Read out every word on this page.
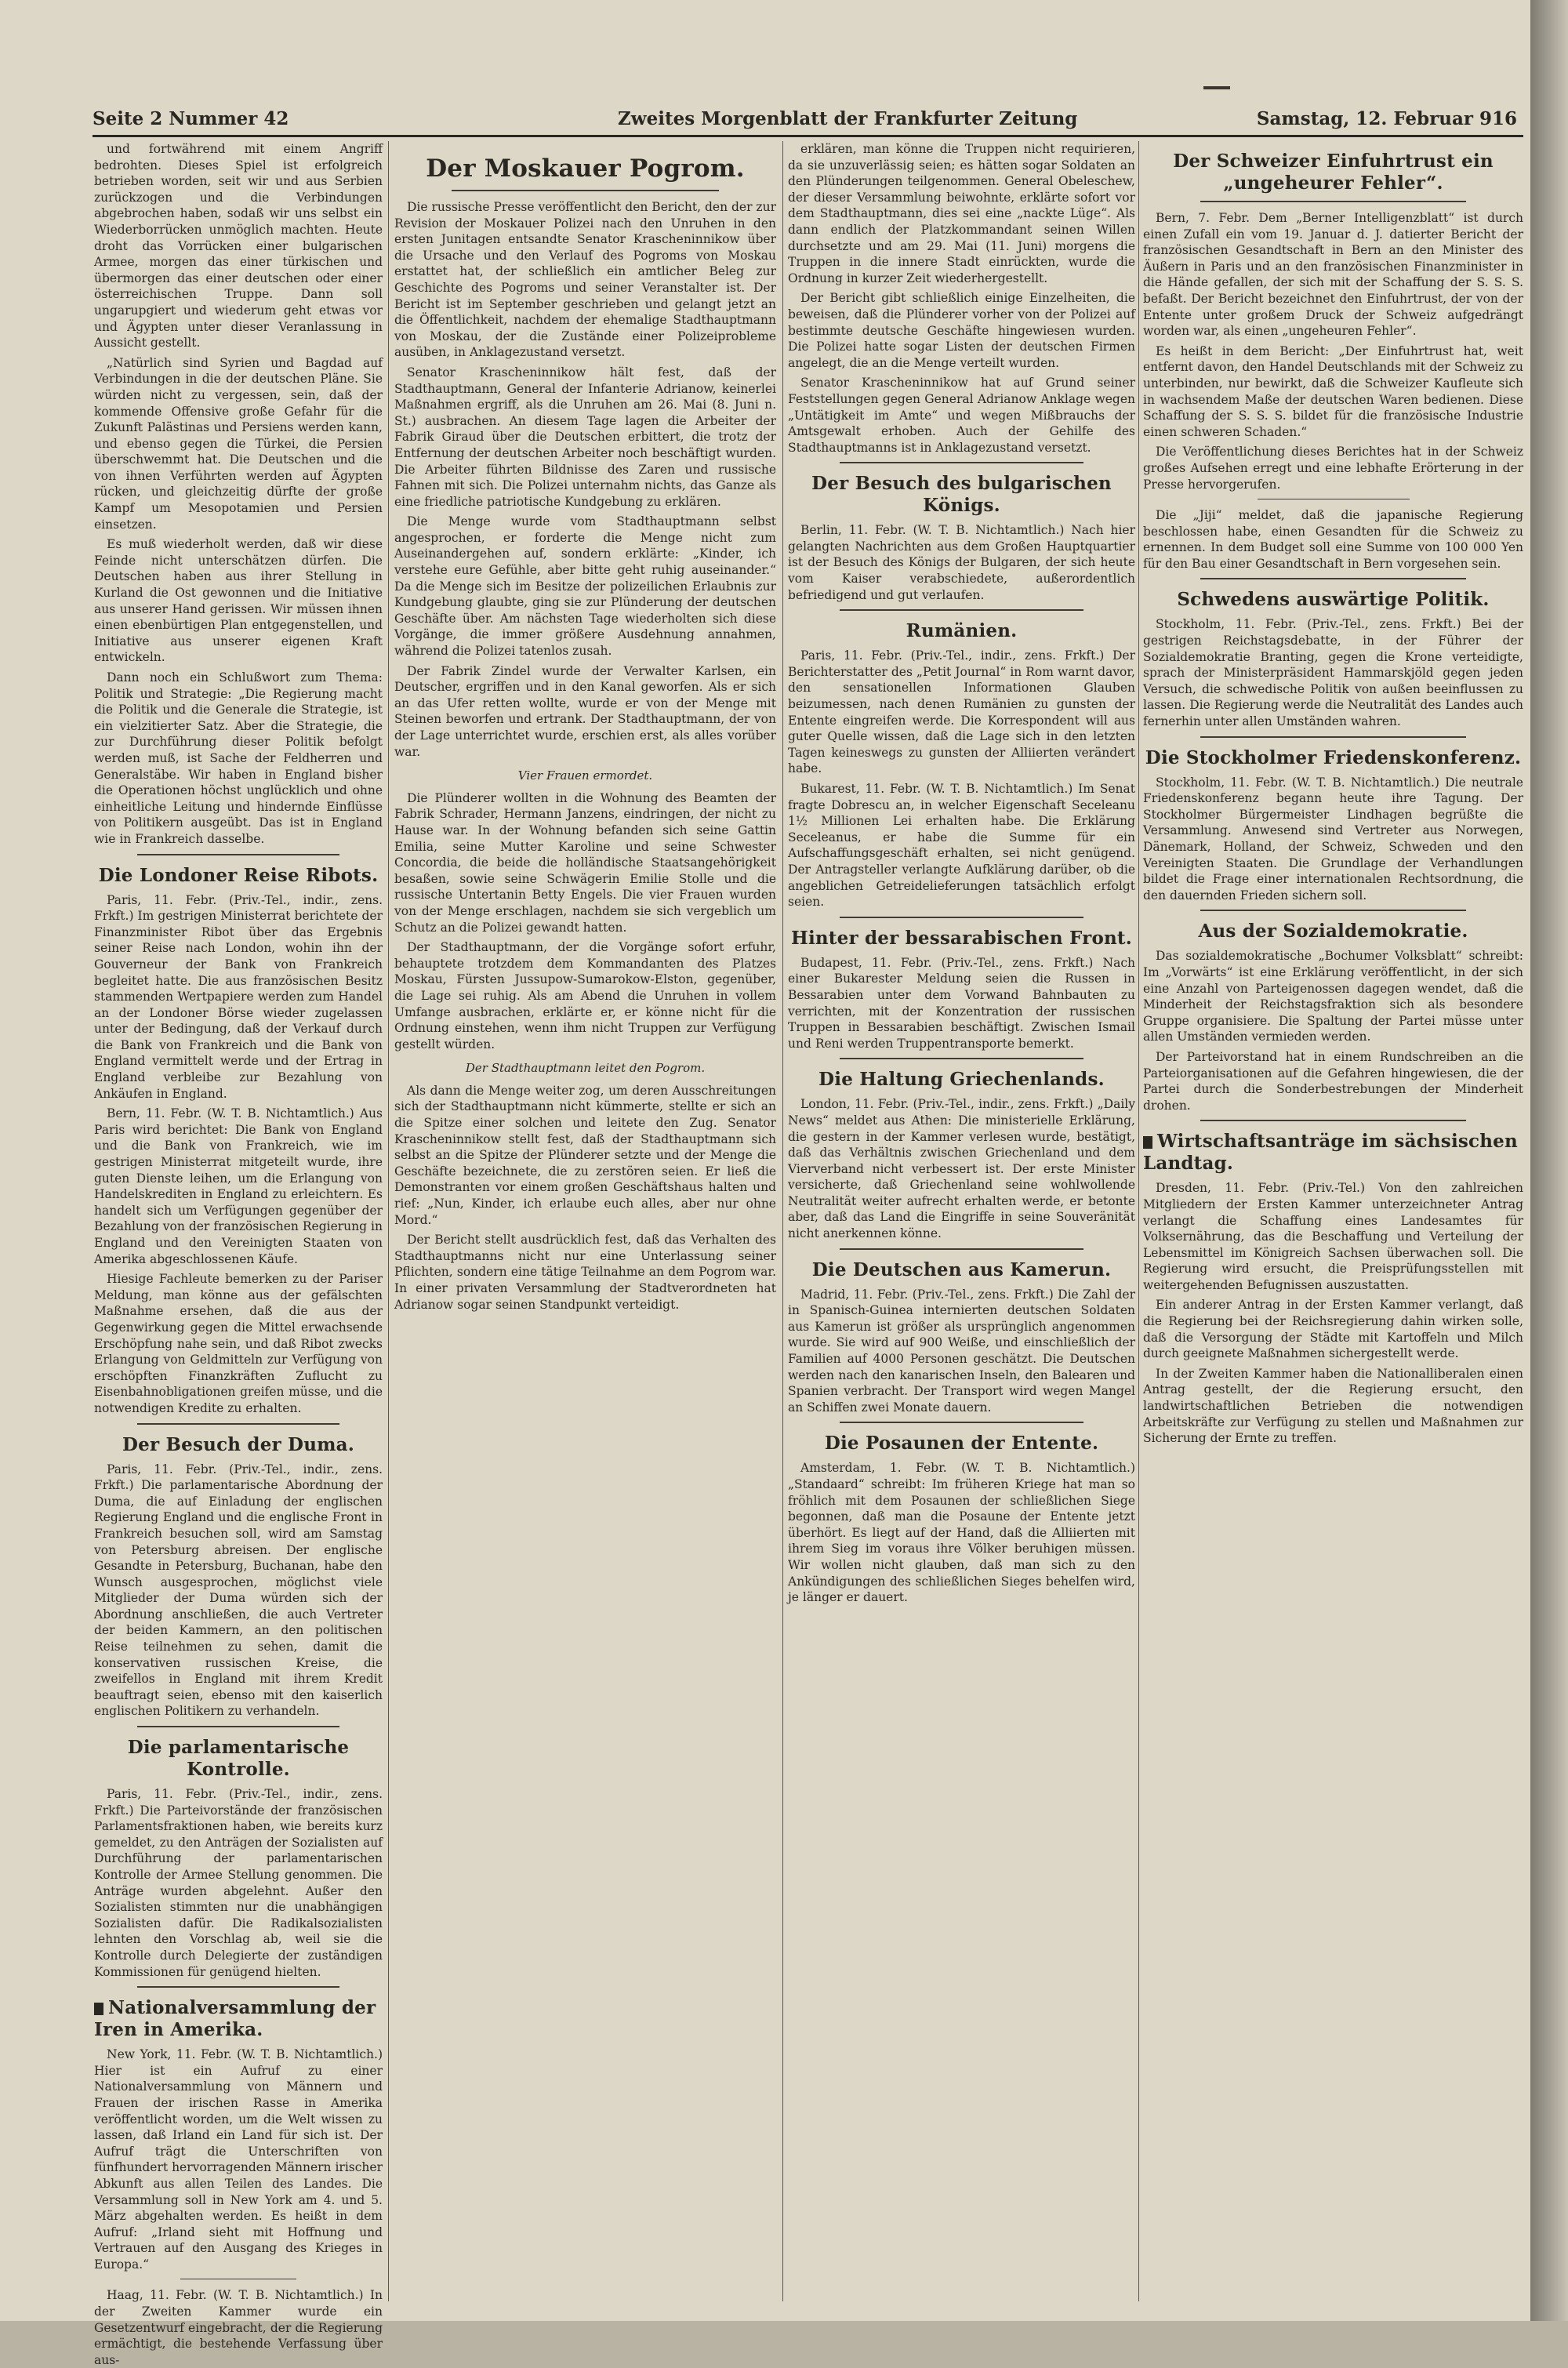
Seite 2 Nummer 42	Zweites Morgenblatt der Frankfurter Zeitung	Samstag, 12. Februar 916

und fortwährend mit einem Angriff bedrohten. Dieses Spiel ist erfolgreich betrieben worden, seit wir und aus Serbien zurückzogen und die Verbindungen abgebrochen haben, sodaß wir uns selbst ein Wiederborrücken unmöglich machten. Heute droht das Vorrücken einer bulgarischen Armee, morgen das einer türkischen und übermorgen das einer deutschen oder einer österreichischen Truppe. Dann soll ungarupgiert und wiederum geht etwas vor und Ägypten unter dieser Veranlassung in Aussicht gestellt.

„Natürlich sind Syrien und Bagdad auf Verbindungen in die der deutschen Pläne. Sie würden nicht zu vergessen, sein, daß der kommende Offensive große Gefahr für die Zukunft Palästinas und Persiens werden kann, und ebenso gegen die Türkei, die Persien überschwemmt hat. Die Deutschen und die von ihnen Verführten werden auf Ägypten rücken, und gleichzeitig dürfte der große Kampf um Mesopotamien und Persien einsetzen.

Es muß wiederholt werden, daß wir diese Feinde nicht unterschätzen dürfen. Die Deutschen haben aus ihrer Stellung in Kurland die Ost gewonnen und die Initiative aus unserer Hand gerissen. Wir müssen ihnen einen ebenbürtigen Plan entgegenstellen, und Initiative aus unserer eigenen Kraft entwickeln.

Dann noch ein Schlußwort zum Thema: Politik und Strategie: „Die Regierung macht die Politik und die Generale die Strategie, ist ein vielzitierter Satz. Aber die Strategie, die zur Durchführung dieser Politik befolgt werden muß, ist Sache der Feldherren und Generalstäbe. Wir haben in England bisher die Operationen höchst unglücklich und ohne einheitliche Leitung und hindernde Einflüsse von Politikern ausgeübt. Das ist in England wie in Frankreich dasselbe.

Die Londoner Reise Ribots.

Paris, 11. Febr. (Priv.-Tel., indir., zens. Frkft.) Im gestrigen Ministerrat berichtete der Finanzminister Ribot über das Ergebnis seiner Reise nach London, wohin ihn der Gouverneur der Bank von Frankreich begleitet hatte. Die aus französischen Besitz stammenden Wertpapiere werden zum Handel an der Londoner Börse wieder zugelassen unter der Bedingung, daß der Verkauf durch die Bank von Frankreich und die Bank von England vermittelt werde und der Ertrag in England verbleibe zur Bezahlung von Ankäufen in England.

Bern, 11. Febr. (W. T. B. Nichtamtlich.) Aus Paris wird berichtet: Die Bank von England und die Bank von Frankreich, wie im gestrigen Ministerrat mitgeteilt wurde, ihre guten Dienste leihen, um die Erlangung von Handelskrediten in England zu erleichtern. Es handelt sich um Verfügungen gegenüber der Bezahlung von der französischen Regierung in England und den Vereinigten Staaten von Amerika abgeschlossenen Käufe.

Hiesige Fachleute bemerken zu der Pariser Meldung, man könne aus der gefälschten Maßnahme ersehen, daß die aus der Gegenwirkung gegen die Mittel erwachsende Erschöpfung nahe sein, und daß Ribot zwecks Erlangung von Geldmitteln zur Verfügung von erschöpften Finanzkräften Zuflucht zu Eisenbahnobligationen greifen müsse, und die notwendigen Kredite zu erhalten.

Der Besuch der Duma.

Paris, 11. Febr. (Priv.-Tel., indir., zens. Frkft.) Die parlamentarische Abordnung der Duma, die auf Einladung der englischen Regierung England und die englische Front in Frankreich besuchen soll, wird am Samstag von Petersburg abreisen. Der englische Gesandte in Petersburg, Buchanan, habe den Wunsch ausgesprochen, möglichst viele Mitglieder der Duma würden sich der Abordnung anschließen, die auch Vertreter der beiden Kammern, an den politischen Reise teilnehmen zu sehen, damit die konservativen russischen Kreise, die zweifellos in England mit ihrem Kredit beauftragt seien, ebenso mit den kaiserlich englischen Politikern zu verhandeln.

Die parlamentarische Kontrolle.

Paris, 11. Febr. (Priv.-Tel., indir., zens. Frkft.) Die Parteivorstände der französischen Parlamentsfraktionen haben, wie bereits kurz gemeldet, zu den Anträgen der Sozialisten auf Durchführung der parlamentarischen Kontrolle der Armee Stellung genommen. Die Anträge wurden abgelehnt. Außer den Sozialisten stimmten nur die unabhängigen Sozialisten dafür. Die Radikalsozialisten lehnten den Vorschlag ab, weil sie die Kontrolle durch Delegierte der zuständigen Kommissionen für genügend hielten.

Nationalversammlung der Iren in Amerika.

New York, 11. Febr. (W. T. B. Nichtamtlich.) Hier ist ein Aufruf zu einer Nationalversammlung von Männern und Frauen der irischen Rasse in Amerika veröffentlicht worden, um die Welt wissen zu lassen, daß Irland ein Land für sich ist. Der Aufruf trägt die Unterschriften von fünfhundert hervorragenden Männern irischer Abkunft aus allen Teilen des Landes. Die Versammlung soll in New York am 4. und 5. März abgehalten werden. Es heißt in dem Aufruf: „Irland sieht mit Hoffnung und Vertrauen auf den Ausgang des Krieges in Europa.“

Haag, 11. Febr. (W. T. B. Nichtamtlich.) In der Zweiten Kammer wurde ein Gesetzentwurf eingebracht, der die Regierung ermächtigt, die bestehende Verfassung über aus-

Der Moskauer Pogrom.

Die russische Presse veröffentlicht den Bericht, den der zur Revision der Moskauer Polizei nach den Unruhen in den ersten Junitagen entsandte Senator Krascheninnikow über die Ursache und den Verlauf des Pogroms von Moskau erstattet hat, der schließlich ein amtlicher Beleg zur Geschichte des Pogroms und seiner Veranstalter ist. Der Bericht ist im September geschrieben und gelangt jetzt an die Öffentlichkeit, nachdem der ehemalige Stadthauptmann von Moskau, der die Zustände einer Polizeiprobleme ausüben, in Anklagezustand versetzt.

Senator Krascheninnikow hält fest, daß der Stadthauptmann, General der Infanterie Adrianow, keinerlei Maßnahmen ergriff, als die Unruhen am 26. Mai (8. Juni n. St.) ausbrachen. An diesem Tage lagen die Arbeiter der Fabrik Giraud über die Deutschen erbittert, die trotz der Entfernung der deutschen Arbeiter noch beschäftigt wurden. Die Arbeiter führten Bildnisse des Zaren und russische Fahnen mit sich. Die Polizei unternahm nichts, das Ganze als eine friedliche patriotische Kundgebung zu erklären.

Die Menge wurde vom Stadthauptmann selbst angesprochen, er forderte die Menge nicht zum Auseinandergehen auf, sondern erklärte: „Kinder, ich verstehe eure Gefühle, aber bitte geht ruhig auseinander.“ Da die Menge sich im Besitze der polizeilichen Erlaubnis zur Kundgebung glaubte, ging sie zur Plünderung der deutschen Geschäfte über. Am nächsten Tage wiederholten sich diese Vorgänge, die immer größere Ausdehnung annahmen, während die Polizei tatenlos zusah.

Der Fabrik Zindel wurde der Verwalter Karlsen, ein Deutscher, ergriffen und in den Kanal geworfen. Als er sich an das Ufer retten wollte, wurde er von der Menge mit Steinen beworfen und ertrank. Der Stadthauptmann, der von der Lage unterrichtet wurde, erschien erst, als alles vorüber war.

Vier Frauen ermordet.

Die Plünderer wollten in die Wohnung des Beamten der Fabrik Schrader, Hermann Janzens, eindringen, der nicht zu Hause war. In der Wohnung befanden sich seine Gattin Emilia, seine Mutter Karoline und seine Schwester Concordia, die beide die holländische Staatsangehörigkeit besaßen, sowie seine Schwägerin Emilie Stolle und die russische Untertanin Betty Engels. Die vier Frauen wurden von der Menge erschlagen, nachdem sie sich vergeblich um Schutz an die Polizei gewandt hatten.

Der Stadthauptmann, der die Vorgänge sofort erfuhr, behauptete trotzdem dem Kommandanten des Platzes Moskau, Fürsten Jussupow-Sumarokow-Elston, gegenüber, die Lage sei ruhig. Als am Abend die Unruhen in vollem Umfange ausbrachen, erklärte er, er könne nicht für die Ordnung einstehen, wenn ihm nicht Truppen zur Verfügung gestellt würden.

Der Stadthauptmann leitet den Pogrom.

Als dann die Menge weiter zog, um deren Ausschreitungen sich der Stadthauptmann nicht kümmerte, stellte er sich an die Spitze einer solchen und leitete den Zug. Senator Krascheninnikow stellt fest, daß der Stadthauptmann sich selbst an die Spitze der Plünderer setzte und der Menge die Geschäfte bezeichnete, die zu zerstören seien. Er ließ die Demonstranten vor einem großen Geschäftshaus halten und rief: „Nun, Kinder, ich erlaube euch alles, aber nur ohne Mord.“

Der Bericht stellt ausdrücklich fest, daß das Verhalten des Stadthauptmanns nicht nur eine Unterlassung seiner Pflichten, sondern eine tätige Teilnahme an dem Pogrom war. In einer privaten Versammlung der Stadtverordneten hat Adrianow sogar seinen Standpunkt verteidigt.

erklären, man könne die Truppen nicht requirieren, da sie unzuverlässig seien; es hätten sogar Soldaten an den Plünderungen teilgenommen. General Obeleschew, der dieser Versammlung beiwohnte, erklärte sofort vor dem Stadthauptmann, dies sei eine „nackte Lüge“. Als dann endlich der Platzkommandant seinen Willen durchsetzte und am 29. Mai (11. Juni) morgens die Truppen in die innere Stadt einrückten, wurde die Ordnung in kurzer Zeit wiederhergestellt.

Der Bericht gibt schließlich einige Einzelheiten, die beweisen, daß die Plünderer vorher von der Polizei auf bestimmte deutsche Geschäfte hingewiesen wurden. Die Polizei hatte sogar Listen der deutschen Firmen angelegt, die an die Menge verteilt wurden.

Senator Krascheninnikow hat auf Grund seiner Feststellungen gegen General Adrianow Anklage wegen „Untätigkeit im Amte“ und wegen Mißbrauchs der Amtsgewalt erhoben. Auch der Gehilfe des Stadthauptmanns ist in Anklagezustand versetzt.

Der Besuch des bulgarischen Königs.

Berlin, 11. Febr. (W. T. B. Nichtamtlich.) Nach hier gelangten Nachrichten aus dem Großen Hauptquartier ist der Besuch des Königs der Bulgaren, der sich heute vom Kaiser verabschiedete, außerordentlich befriedigend und gut verlaufen.

Rumänien.

Paris, 11. Febr. (Priv.-Tel., indir., zens. Frkft.) Der Berichterstatter des „Petit Journal“ in Rom warnt davor, den sensationellen Informationen Glauben beizumessen, nach denen Rumänien zu gunsten der Entente eingreifen werde. Die Korrespondent will aus guter Quelle wissen, daß die Lage sich in den letzten Tagen keineswegs zu gunsten der Alliierten verändert habe.

Bukarest, 11. Febr. (W. T. B. Nichtamtlich.) Im Senat fragte Dobrescu an, in welcher Eigenschaft Seceleanu 1½ Millionen Lei erhalten habe. Die Erklärung Seceleanus, er habe die Summe für ein Aufschaffungsgeschäft erhalten, sei nicht genügend. Der Antragsteller verlangte Aufklärung darüber, ob die angeblichen Getreidelieferungen tatsächlich erfolgt seien.

Hinter der bessarabischen Front.

Budapest, 11. Febr. (Priv.-Tel., zens. Frkft.) Nach einer Bukarester Meldung seien die Russen in Bessarabien unter dem Vorwand Bahnbauten zu verrichten, mit der Konzentration der russischen Truppen in Bessarabien beschäftigt. Zwischen Ismail und Reni werden Truppentransporte bemerkt.

Die Haltung Griechenlands.

London, 11. Febr. (Priv.-Tel., indir., zens. Frkft.) „Daily News“ meldet aus Athen: Die ministerielle Erklärung, die gestern in der Kammer verlesen wurde, bestätigt, daß das Verhältnis zwischen Griechenland und dem Vierverband nicht verbessert ist. Der erste Minister versicherte, daß Griechenland seine wohlwollende Neutralität weiter aufrecht erhalten werde, er betonte aber, daß das Land die Eingriffe in seine Souveränität nicht anerkennen könne.

Die Deutschen aus Kamerun.

Madrid, 11. Febr. (Priv.-Tel., zens. Frkft.) Die Zahl der in Spanisch-Guinea internierten deutschen Soldaten aus Kamerun ist größer als ursprünglich angenommen wurde. Sie wird auf 900 Weiße, und einschließlich der Familien auf 4000 Personen geschätzt. Die Deutschen werden nach den kanarischen Inseln, den Balearen und Spanien verbracht. Der Transport wird wegen Mangel an Schiffen zwei Monate dauern.

Die Posaunen der Entente.

Amsterdam, 1. Febr. (W. T. B. Nichtamtlich.) „Standaard“ schreibt: Im früheren Kriege hat man so fröhlich mit dem Posaunen der schließlichen Siege begonnen, daß man die Posaune der Entente jetzt überhört. Es liegt auf der Hand, daß die Alliierten mit ihrem Sieg im voraus ihre Völker beruhigen müssen. Wir wollen nicht glauben, daß man sich zu den Ankündigungen des schließlichen Sieges behelfen wird, je länger er dauert.

Der Schweizer Einfuhrtrust ein „ungeheurer Fehler“.

Bern, 7. Febr. Dem „Berner Intelligenzblatt“ ist durch einen Zufall ein vom 19. Januar d. J. datierter Bericht der französischen Gesandtschaft in Bern an den Minister des Äußern in Paris und an den französischen Finanzminister in die Hände gefallen, der sich mit der Schaffung der S. S. S. befaßt. Der Bericht bezeichnet den Einfuhrtrust, der von der Entente unter großem Druck der Schweiz aufgedrängt worden war, als einen „ungeheuren Fehler“.

Es heißt in dem Bericht: „Der Einfuhrtrust hat, weit entfernt davon, den Handel Deutschlands mit der Schweiz zu unterbinden, nur bewirkt, daß die Schweizer Kaufleute sich in wachsendem Maße der deutschen Waren bedienen. Diese Schaffung der S. S. S. bildet für die französische Industrie einen schweren Schaden.“

Die Veröffentlichung dieses Berichtes hat in der Schweiz großes Aufsehen erregt und eine lebhafte Erörterung in der Presse hervorgerufen.

Die „Jiji“ meldet, daß die japanische Regierung beschlossen habe, einen Gesandten für die Schweiz zu ernennen. In dem Budget soll eine Summe von 100 000 Yen für den Bau einer Gesandtschaft in Bern vorgesehen sein.

Schwedens auswärtige Politik.

Stockholm, 11. Febr. (Priv.-Tel., zens. Frkft.) Bei der gestrigen Reichstagsdebatte, in der Führer der Sozialdemokratie Branting, gegen die Krone verteidigte, sprach der Ministerpräsident Hammarskjöld gegen jeden Versuch, die schwedische Politik von außen beeinflussen zu lassen. Die Regierung werde die Neutralität des Landes auch fernerhin unter allen Umständen wahren.

Die Stockholmer Friedenskonferenz.

Stockholm, 11. Febr. (W. T. B. Nichtamtlich.) Die neutrale Friedenskonferenz begann heute ihre Tagung. Der Stockholmer Bürgermeister Lindhagen begrüßte die Versammlung. Anwesend sind Vertreter aus Norwegen, Dänemark, Holland, der Schweiz, Schweden und den Vereinigten Staaten. Die Grundlage der Verhandlungen bildet die Frage einer internationalen Rechtsordnung, die den dauernden Frieden sichern soll.

Aus der Sozialdemokratie.

Das sozialdemokratische „Bochumer Volksblatt“ schreibt: Im „Vorwärts“ ist eine Erklärung veröffentlicht, in der sich eine Anzahl von Parteigenossen dagegen wendet, daß die Minderheit der Reichstagsfraktion sich als besondere Gruppe organisiere. Die Spaltung der Partei müsse unter allen Umständen vermieden werden.

Der Parteivorstand hat in einem Rundschreiben an die Parteiorganisationen auf die Gefahren hingewiesen, die der Partei durch die Sonderbestrebungen der Minderheit drohen.

Wirtschaftsanträge im sächsischen Landtag.

Dresden, 11. Febr. (Priv.-Tel.) Von den zahlreichen Mitgliedern der Ersten Kammer unterzeichneter Antrag verlangt die Schaffung eines Landesamtes für Volksernährung, das die Beschaffung und Verteilung der Lebensmittel im Königreich Sachsen überwachen soll. Die Regierung wird ersucht, die Preisprüfungsstellen mit weitergehenden Befugnissen auszustatten.

Ein anderer Antrag in der Ersten Kammer verlangt, daß die Regierung bei der Reichsregierung dahin wirken solle, daß die Versorgung der Städte mit Kartoffeln und Milch durch geeignete Maßnahmen sichergestellt werde.

In der Zweiten Kammer haben die Nationalliberalen einen Antrag gestellt, der die Regierung ersucht, den landwirtschaftlichen Betrieben die notwendigen Arbeitskräfte zur Verfügung zu stellen und Maßnahmen zur Sicherung der Ernte zu treffen.
